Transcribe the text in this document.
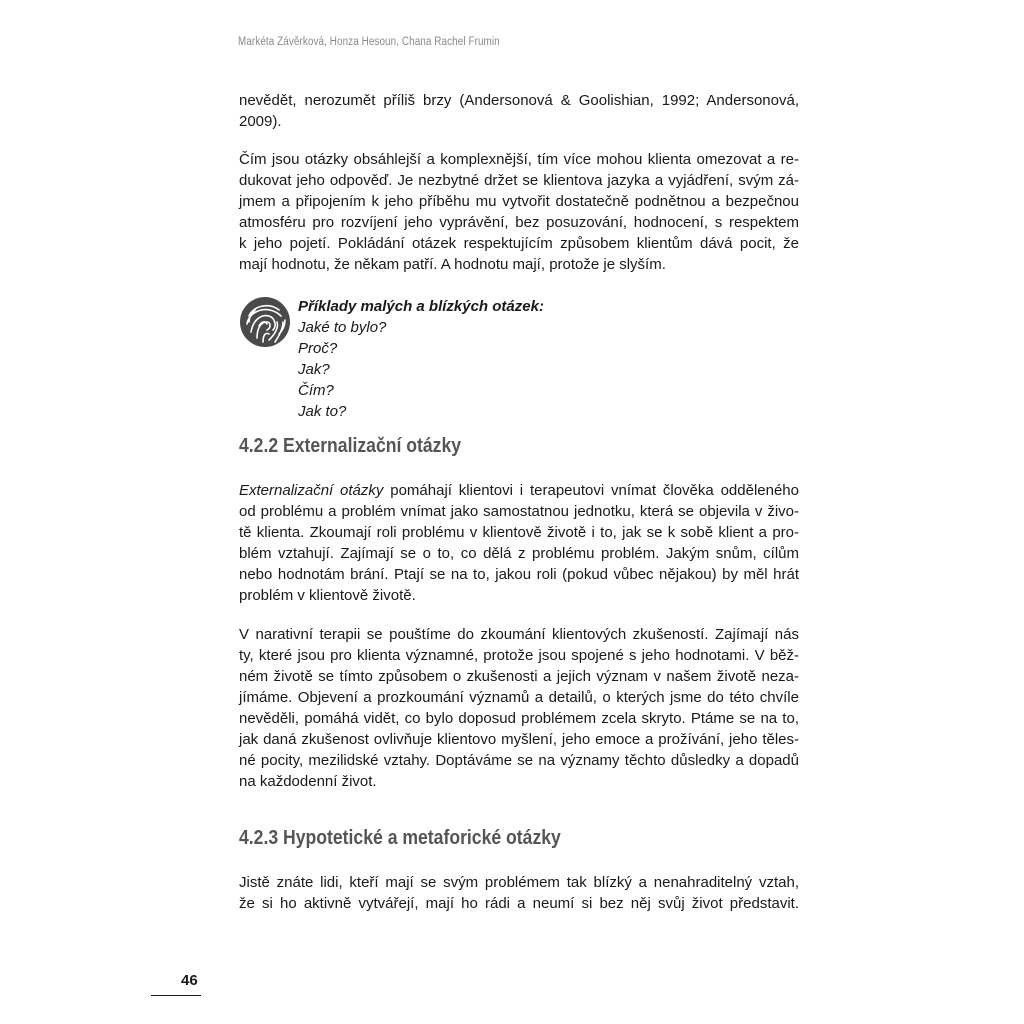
Markéta Závěrková, Honza Hesoun, Chana Rachel Frumin
nevědět, nerozumět příliš brzy (Andersonová & Goolishian, 1992; Andersonová,
2009).
Čím jsou otázky obsáhlejší a komplexnější, tím více mohou klienta omezovat a re-
dukovat jeho odpověď. Je nezbytné držet se klientova jazyka a vyjádření, svým zá-
jmem a připojením k jeho příběhu mu vytvořit dostatečně podnětnou a bezpečnou
atmosféru pro rozvíjení jeho vyprávění, bez posuzování, hodnocení, s respektem
k jeho pojetí. Pokládání otázek respektujícím způsobem klientům dává pocit, že
mají hodnotu, že někam patří. A hodnotu mají, protože je slyším.
Příklady malých a blízkých otázek:
Jaké to bylo?
Proč?
Jak?
Čím?
Jak to?
4.2.2 Externalizační otázky
Externalizační otázky pomáhají klientovi i terapeutovi vnímat člověka odděleného
od problému a problém vnímat jako samostatnou jednotku, která se objevila v živo-
tě klienta. Zkoumají roli problému v klientově životě i to, jak se k sobě klient a pro-
blém vztahují. Zajímají se o to, co dělá z problému problém. Jakým snům, cílům
nebo hodnotám brání. Ptají se na to, jakou roli (pokud vůbec nějakou) by měl hrát
problém v klientově životě.
V narativní terapii se pouštíme do zkoumání klientových zkušeností. Zajímají nás
ty, které jsou pro klienta významné, protože jsou spojené s jeho hodnotami. V běž-
ném životě se tímto způsobem o zkušenosti a jejich význam v našem životě neza-
jímáme. Objevení a prozkoumání významů a detailů, o kterých jsme do této chvíle
nevěděli, pomáhá vidět, co bylo doposud problémem zcela skryto. Ptáme se na to,
jak daná zkušenost ovlivňuje klientovo myšlení, jeho emoce a prožívání, jeho těles-
né pocity, mezilidské vztahy. Doptáváme se na významy těchto důsledky a dopadů
na každodenní život.
4.2.3 Hypotetické a metaforické otázky
Jistě znáte lidi, kteří mají se svým problémem tak blízký a nenahraditelný vztah,
že si ho aktivně vytvářejí, mají ho rádi a neumí si bez něj svůj život představit.
46
